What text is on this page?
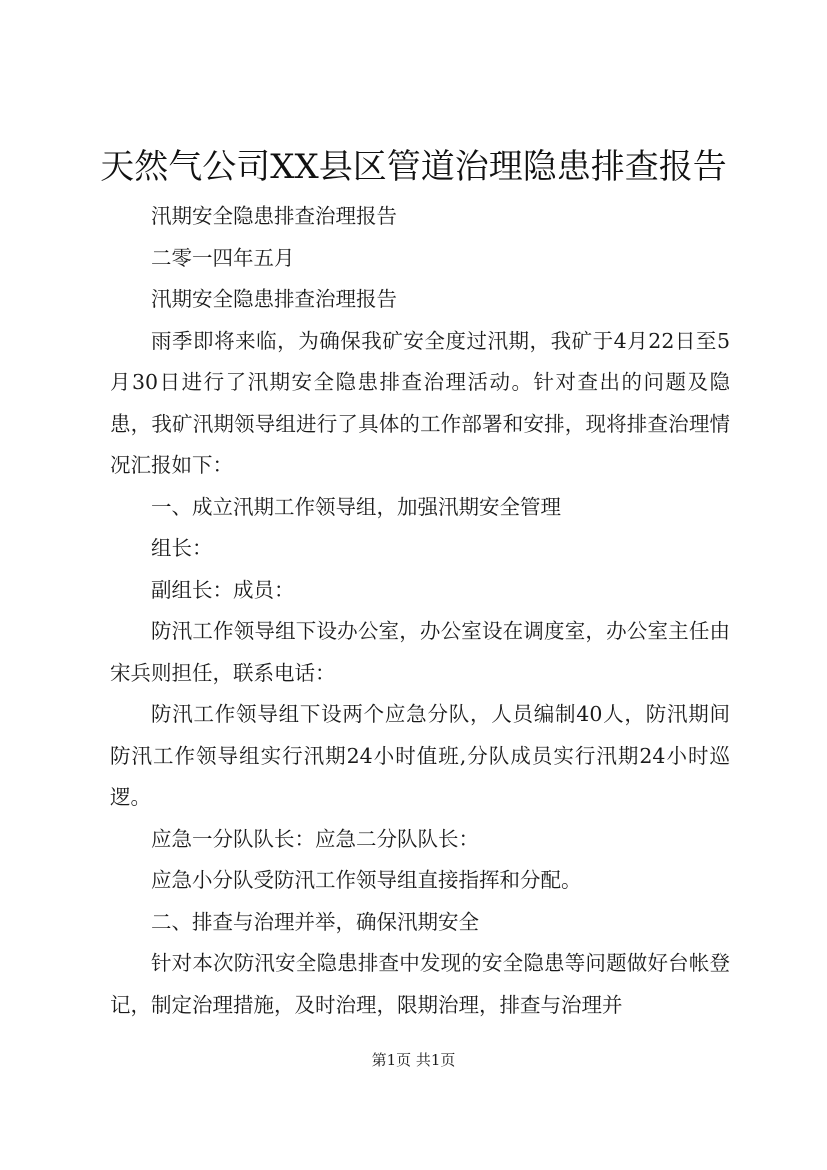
天然气公司XX县区管道治理隐患排查报告

汛期安全隐患排查治理报告

二零一四年五月

汛期安全隐患排查治理报告

雨季即将来临，为确保我矿安全度过汛期，我矿于4月22日至5月30日进行了汛期安全隐患排查治理活动。针对查出的问题及隐患，我矿汛期领导组进行了具体的工作部署和安排，现将排查治理情况汇报如下：

一、成立汛期工作领导组，加强汛期安全管理

组长：

副组长：成员：

防汛工作领导组下设办公室，办公室设在调度室，办公室主任由宋兵则担任，联系电话：

防汛工作领导组下设两个应急分队，人员编制40人，防汛期间防汛工作领导组实行汛期24小时值班,分队成员实行汛期24小时巡逻。

应急一分队队长：应急二分队队长：

应急小分队受防汛工作领导组直接指挥和分配。

二、排查与治理并举，确保汛期安全

针对本次防汛安全隐患排查中发现的安全隐患等问题做好台帐登记，制定治理措施，及时治理，限期治理，排查与治理并

第1页 共1页
